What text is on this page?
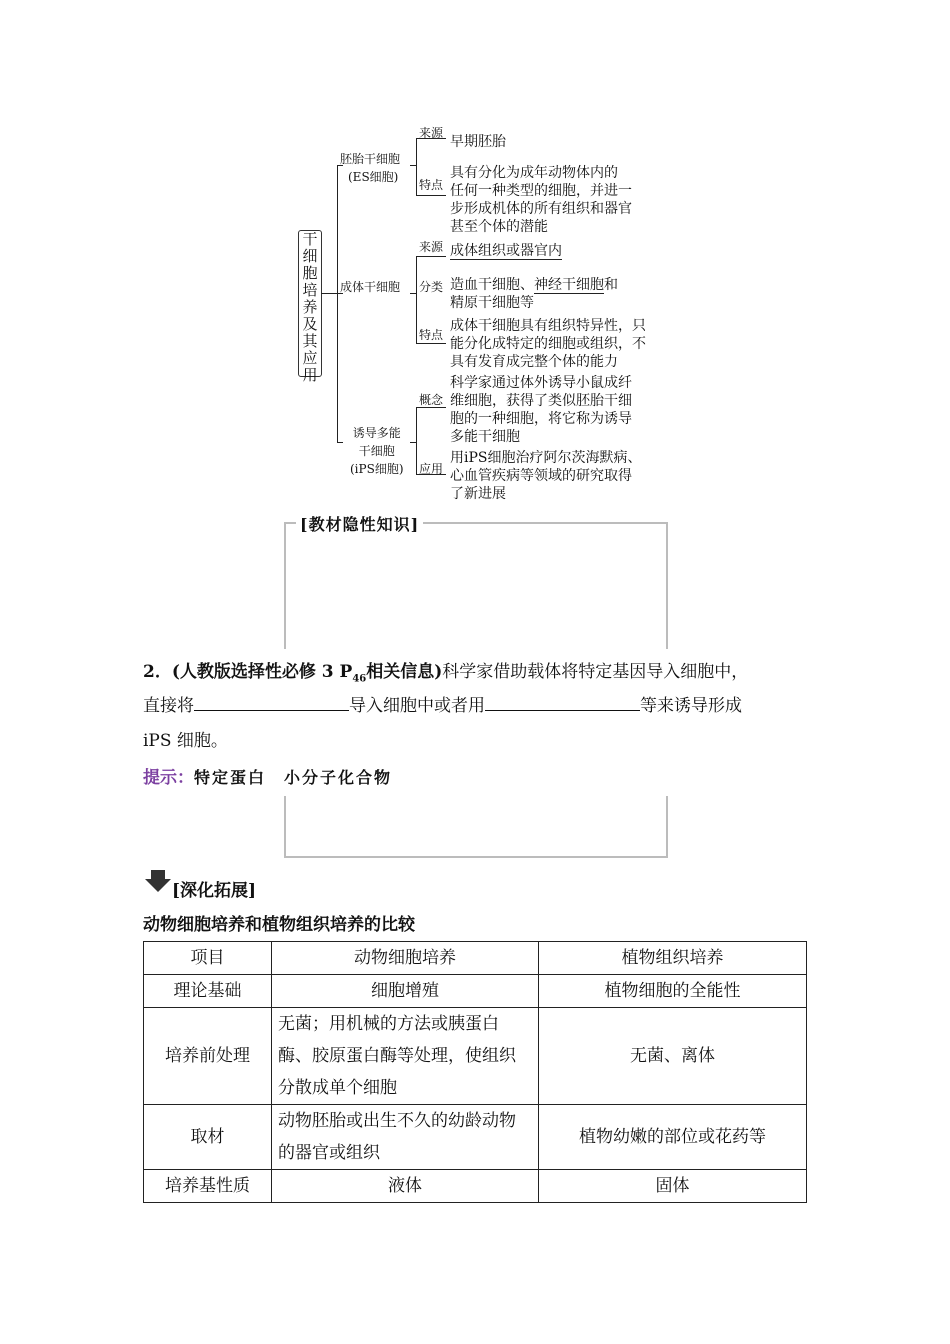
干
细
胞
培
养
及
其
应
用
胚胎干细胞
(ES细胞)
来源
早期胚胎
特点
具有分化为成年动物体内的
任何一种类型的细胞，并进一
步形成机体的所有组织和器官
甚至个体的潜能
成体干细胞
来源 成体组织或器官内
分类 造血干细胞、神经干细胞和
精原干细胞等
特点
成体干细胞具有组织特异性，只
能分化成特定的细胞或组织，不
具有发育成完整个体的能力
诱导多能
干细胞
(iPS细胞)
概念
科学家通过体外诱导小鼠成纤
维细胞，获得了类似胚胎干细
胞的一种细胞，将它称为诱导
多能干细胞
应用
用iPS细胞治疗阿尔茨海默病、
心血管疾病等领域的研究取得
了新进展
[教材隐性知识]
2．(人教版选择性必修 3 $P_{46}$相关信息)科学家借助载体将特定基因导入细胞中，
直接将	导入细胞中或者用	等来诱导形成
iPS 细胞。
提示：特定蛋白　小分子化合物
[深化拓展]
动物细胞培养和植物组织培养的比较
项目	动物细胞培养	植物组织培养
理论基础	细胞增殖	植物细胞的全能性
培养前处理	无菌；用机械的方法或胰蛋白酶、胶原蛋白酶等处理，使组织分散成单个细胞	无菌、离体
取材	动物胚胎或出生不久的幼龄动物的器官或组织	植物幼嫩的部位或花药等
培养基性质	液体	固体
